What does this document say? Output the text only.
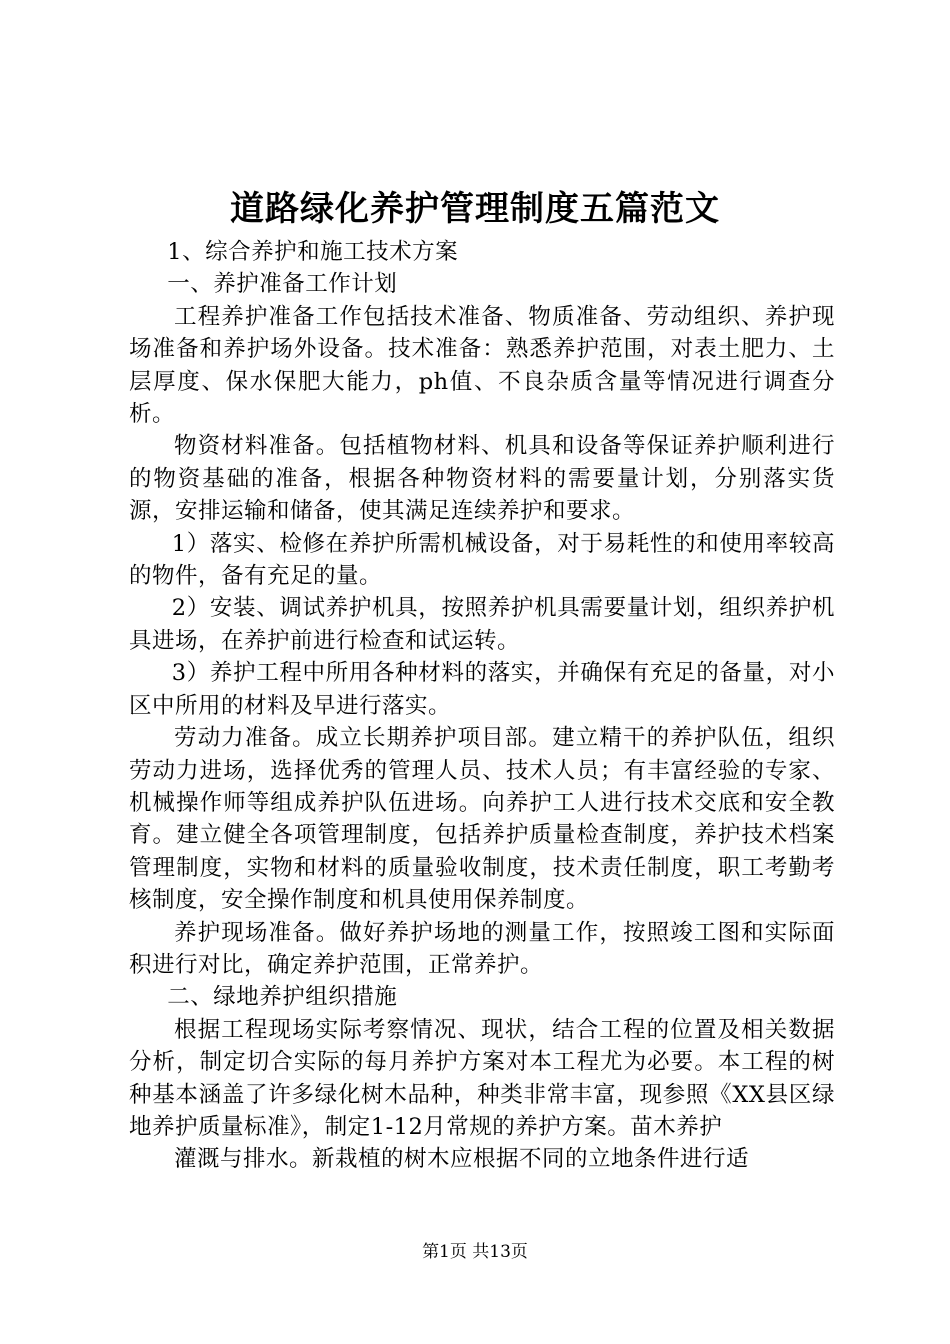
道路绿化养护管理制度五篇范文

1、综合养护和施工技术方案

一、养护准备工作计划

工程养护准备工作包括技术准备、物质准备、劳动组织、养护现场准备和养护场外设备。技术准备：熟悉养护范围，对表土肥力、土层厚度、保水保肥大能力，ph值、不良杂质含量等情况进行调查分析。

物资材料准备。包括植物材料、机具和设备等保证养护顺利进行的物资基础的准备，根据各种物资材料的需要量计划，分别落实货源，安排运输和储备，使其满足连续养护和要求。

1）落实、检修在养护所需机械设备，对于易耗性的和使用率较高的物件，备有充足的量。

2）安装、调试养护机具，按照养护机具需要量计划，组织养护机具进场，在养护前进行检查和试运转。

3）养护工程中所用各种材料的落实，并确保有充足的备量，对小区中所用的材料及早进行落实。

劳动力准备。成立长期养护项目部。建立精干的养护队伍，组织劳动力进场，选择优秀的管理人员、技术人员；有丰富经验的专家、机械操作师等组成养护队伍进场。向养护工人进行技术交底和安全教育。建立健全各项管理制度，包括养护质量检查制度，养护技术档案管理制度，实物和材料的质量验收制度，技术责任制度，职工考勤考核制度，安全操作制度和机具使用保养制度。

养护现场准备。做好养护场地的测量工作，按照竣工图和实际面积进行对比，确定养护范围，正常养护。

二、绿地养护组织措施

根据工程现场实际考察情况、现状，结合工程的位置及相关数据分析，制定切合实际的每月养护方案对本工程尤为必要。本工程的树种基本涵盖了许多绿化树木品种，种类非常丰富，现参照《XX县区绿地养护质量标准》，制定1-12月常规的养护方案。苗木养护

灌溉与排水。新栽植的树木应根据不同的立地条件进行适

第1页 共13页
